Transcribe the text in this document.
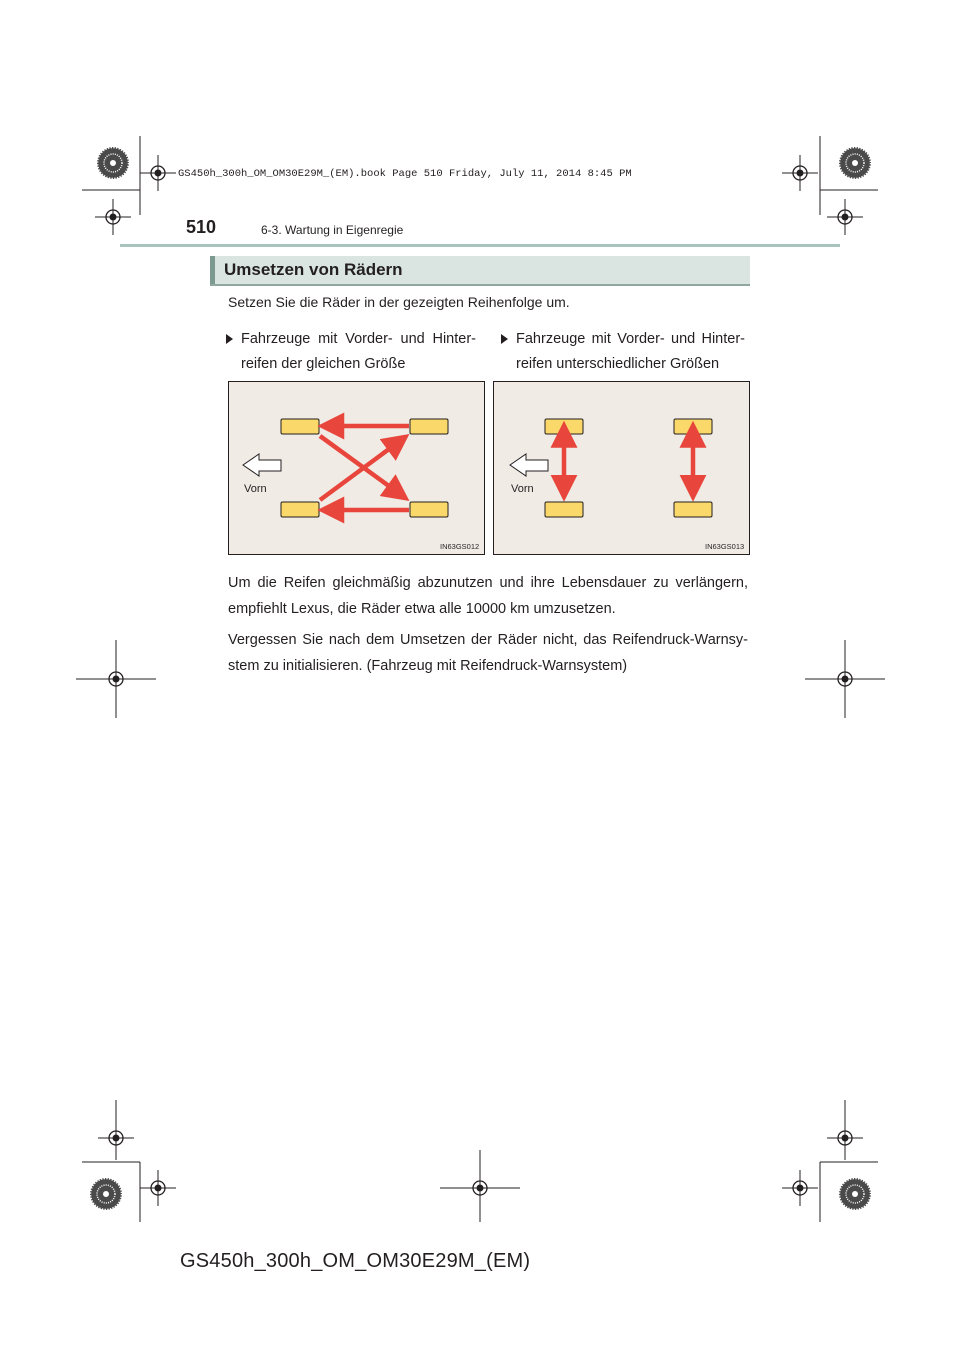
GS450h_300h_OM_OM30E29M_(EM).book Page 510 Friday, July 11, 2014 8:45 PM
510	6-3. Wartung in Eigenregie
Umsetzen von Rädern
Setzen Sie die Räder in der gezeigten Reihenfolge um.
Fahrzeuge mit Vorder- und Hinter-reifen der gleichen Größe
Fahrzeuge mit Vorder- und Hinter-reifen unterschiedlicher Größen
Vorn
IN63GS012
Vorn
IN63GS013
Um die Reifen gleichmäßig abzunutzen und ihre Lebensdauer zu verlängern, empfiehlt Lexus, die Räder etwa alle 10000 km umzusetzen.
Vergessen Sie nach dem Umsetzen der Räder nicht, das Reifendruck-Warnsy-stem zu initialisieren. (Fahrzeug mit Reifendruck-Warnsystem)
GS450h_300h_OM_OM30E29M_(EM)
